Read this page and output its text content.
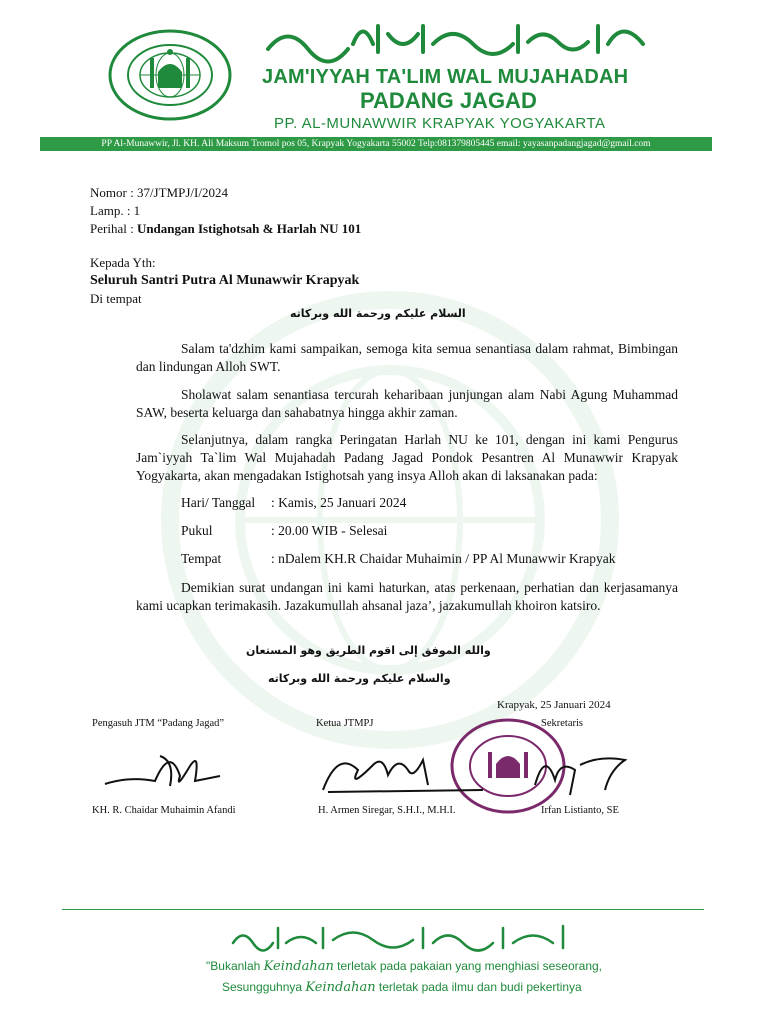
JAM'IYYAH TA'LIM WAL MUJAHADAH
PADANG JAGAD
PP. AL-MUNAWWIR KRAPYAK YOGYAKARTA
PP Al-Munawwir, Jl. KH. Ali Maksum Tromol pos 05, Krapyak Yogyakarta 55002 Telp:081379805445 email: yayasanpadangjagad@gmail.com
Nomor : 37/JTMPJ/I/2024
Lamp. : 1
Perihal : Undangan Istighotsah & Harlah NU 101
Kepada Yth:
Seluruh Santri Putra Al Munawwir Krapyak
Di tempat
السلام عليكم ورحمة الله وبركاته
Salam ta'dzhim kami sampaikan, semoga kita semua senantiasa dalam rahmat, Bimbingan dan lindungan Alloh SWT.
Sholawat salam senantiasa tercurah keharibaan junjungan alam Nabi Agung Muhammad SAW, beserta keluarga dan sahabatnya hingga akhir zaman.
Selanjutnya, dalam rangka Peringatan Harlah NU ke 101, dengan ini kami Pengurus Jam`iyyah Ta`lim Wal Mujahadah Padang Jagad Pondok Pesantren Al Munawwir Krapyak Yogyakarta, akan mengadakan Istighotsah yang insya Alloh akan di laksanakan pada:
Hari/ Tanggal : Kamis, 25 Januari 2024
Pukul	: 20.00 WIB - Selesai
Tempat	: nDalem KH.R Chaidar Muhaimin / PP Al Munawwir Krapyak
Demikian surat undangan ini kami haturkan, atas perkenaan, perhatian dan kerjasamanya kami ucapkan terimakasih. Jazakumullah ahsanal jaza’, jazakumullah khoiron katsiro.
والله الموفق إلى اقوم الطريق وهو المستعان
والسلام عليكم ورحمة الله وبركاته
Krapyak, 25 Januari 2024
Pengasuh JTM “Padang Jagad”	Ketua JTMPJ	Sekretaris
KH. R. Chaidar Muhaimin Afandi	H. Armen Siregar, S.H.I., M.H.I.	Irfan Listianto, SE
"Bukanlah Keindahan terletak pada pakaian yang menghiasi seseorang,
Sesungguhnya Keindahan terletak pada ilmu dan budi pekertinya
